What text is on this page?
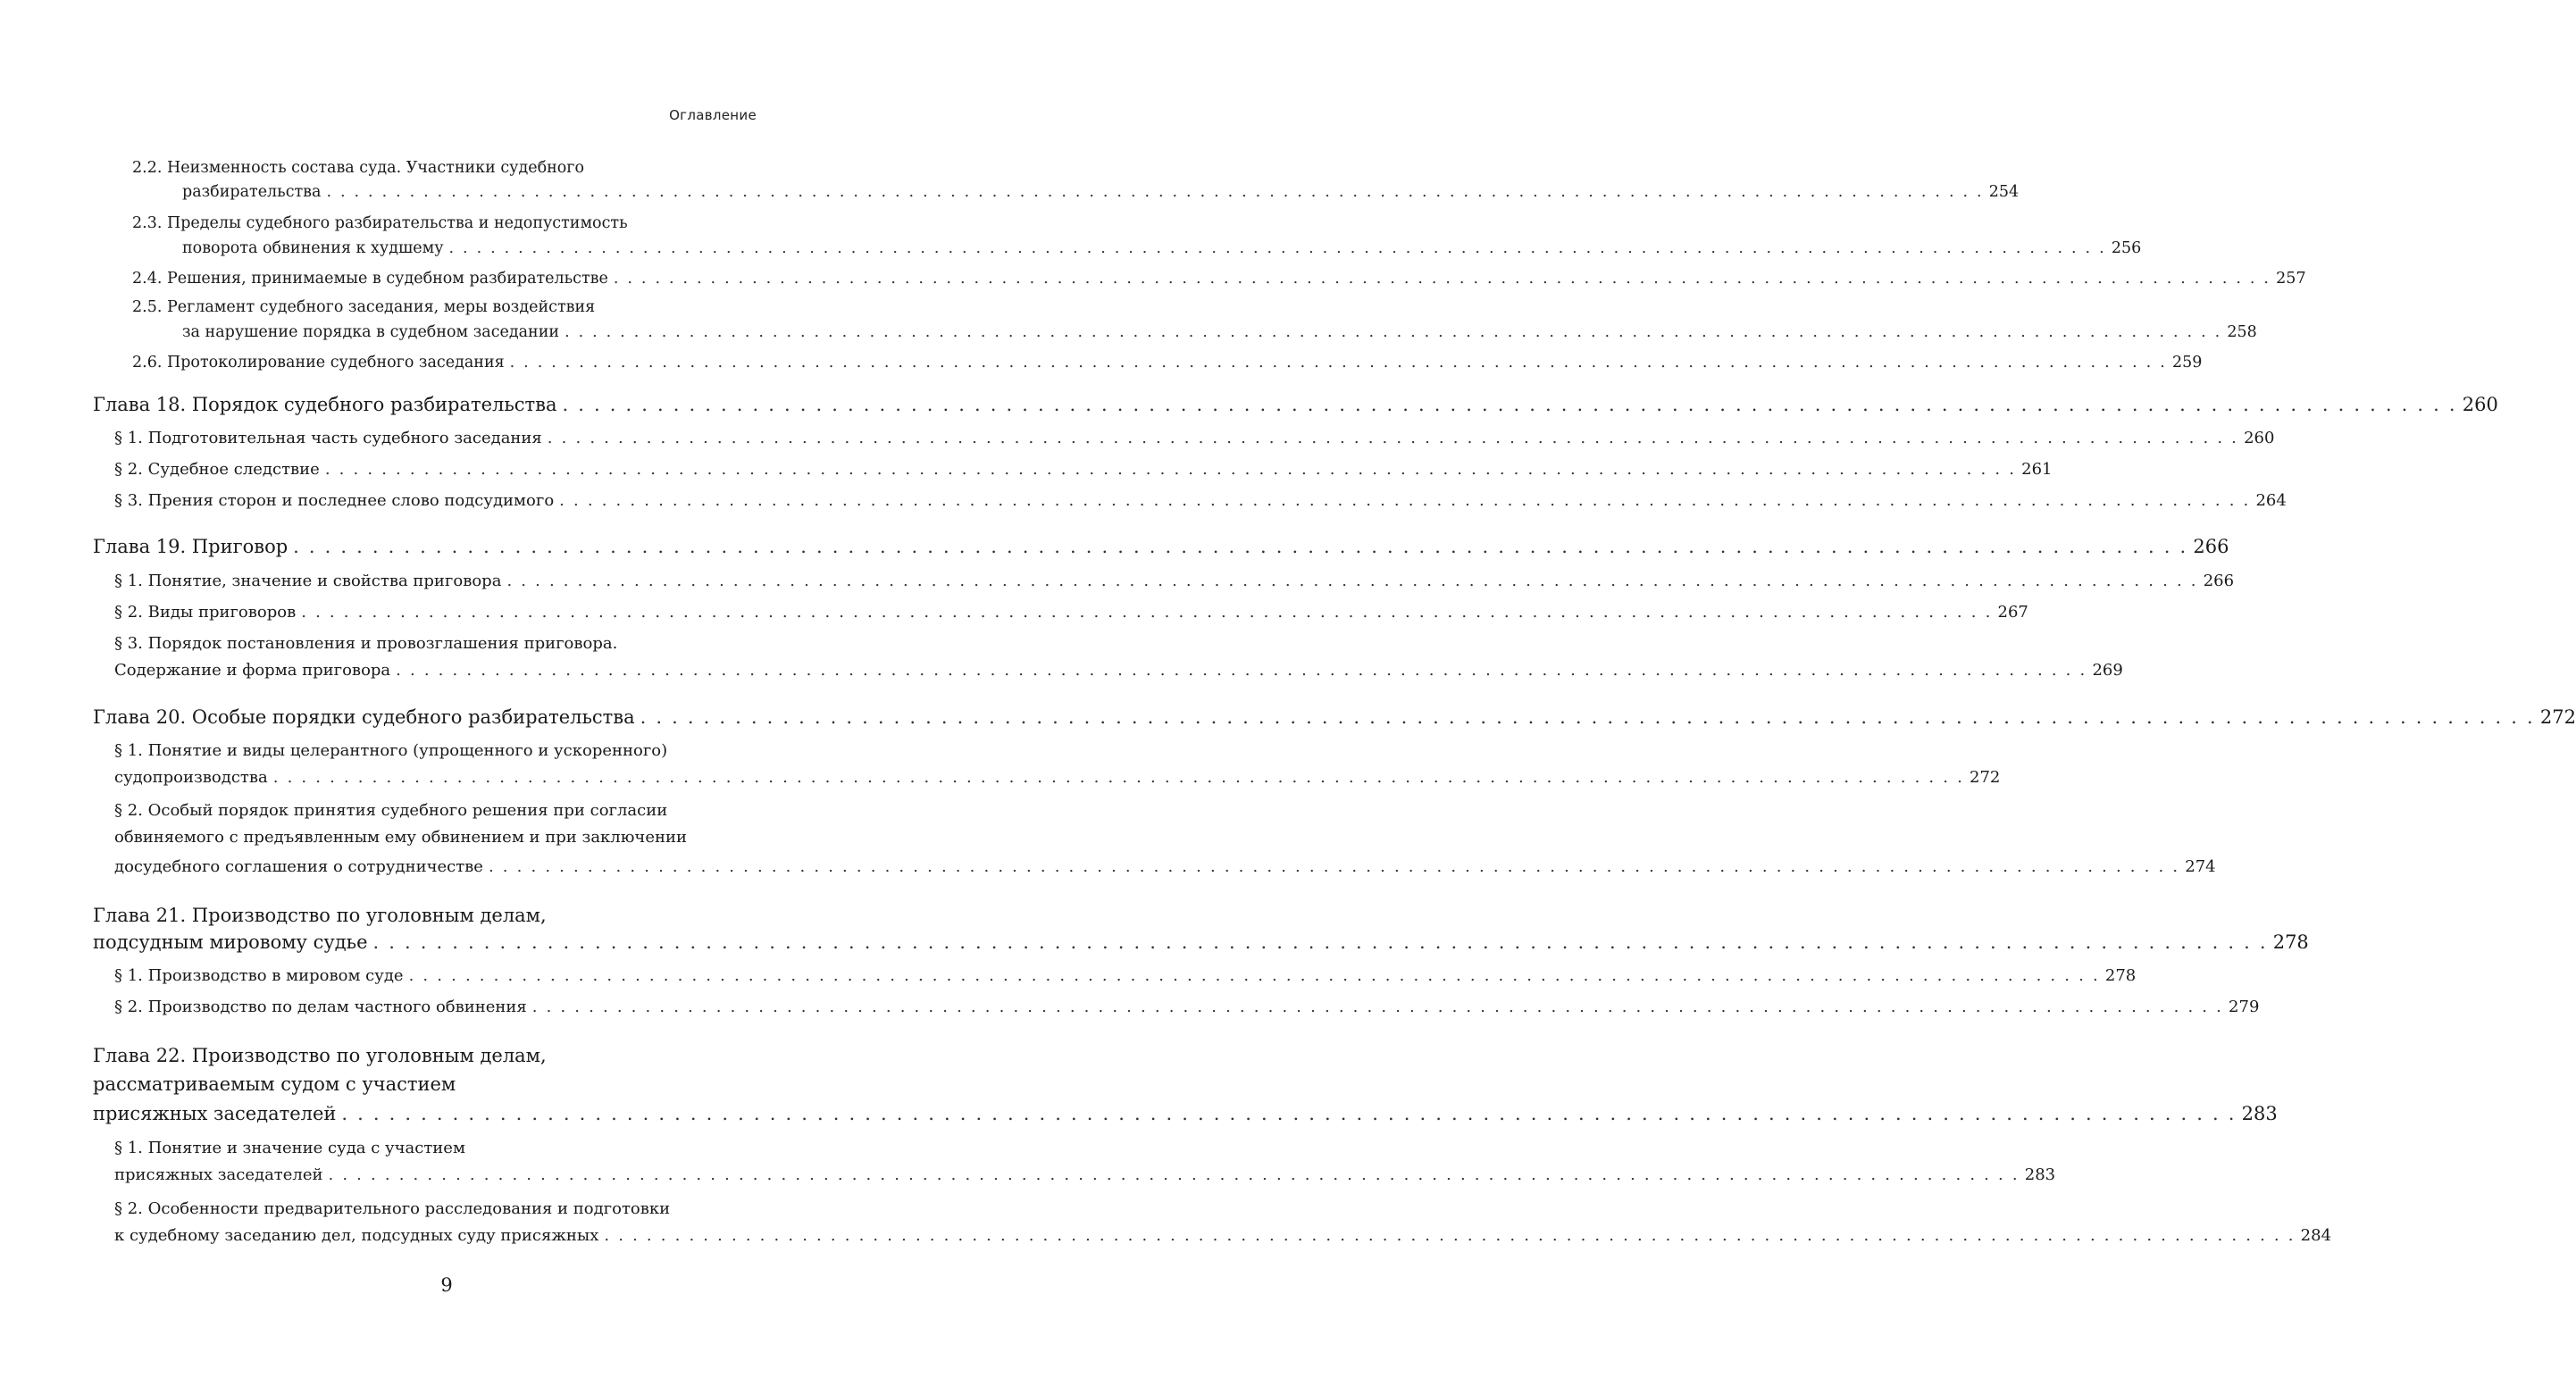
Оглавление
2.2. Неизменность состава суда. Участники судебного
разбирательства . . . . . . . . . . . . . . . . . . . . . . . . . . . . . . . . . . . . . . . . . . . . . . . . . . . . . . . . . . . . . . . . . . . . . . . . . . . . . . . . . . . . . . . . . . . . . . . . . . . . . . . . . . . . . . . . . . . . . . . . 254
2.3. Пределы судебного разбирательства и недопустимость
поворота обвинения к худшему . . . . . . . . . . . . . . . . . . . . . . . . . . . . . . . . . . . . . . . . . . . . . . . . . . . . . . . . . . . . . . . . . . . . . . . . . . . . . . . . . . . . . . . . . . . . . . . . . . . . . . . . . . . . . . . . . . . . . . . . 256
2.4. Решения, принимаемые в судебном разбирательстве . . . . . . . . . . . . . . . . . . . . . . . . . . . . . . . . . . . . . . . . . . . . . . . . . . . . . . . . . . . . . . . . . . . . . . . . . . . . . . . . . . . . . . . . . . . . . . . . . . . . . . . . . . . . . . . . . . . . . . . . 257
2.5. Регламент судебного заседания, меры воздействия
за нарушение порядка в судебном заседании . . . . . . . . . . . . . . . . . . . . . . . . . . . . . . . . . . . . . . . . . . . . . . . . . . . . . . . . . . . . . . . . . . . . . . . . . . . . . . . . . . . . . . . . . . . . . . . . . . . . . . . . . . . . . . . . . . . . . . . . 258
2.6. Протоколирование судебного заседания . . . . . . . . . . . . . . . . . . . . . . . . . . . . . . . . . . . . . . . . . . . . . . . . . . . . . . . . . . . . . . . . . . . . . . . . . . . . . . . . . . . . . . . . . . . . . . . . . . . . . . . . . . . . . . . . . . . . . . . . 259
Глава 18. Порядок судебного разбирательства . . . . . . . . . . . . . . . . . . . . . . . . . . . . . . . . . . . . . . . . . . . . . . . . . . . . . . . . . . . . . . . . . . . . . . . . . . . . . . . . . . . . . . . . . . . . . . . . . . . . . . . . . . . . . . . . . . . . . . . . 260
§ 1. Подготовительная часть судебного заседания . . . . . . . . . . . . . . . . . . . . . . . . . . . . . . . . . . . . . . . . . . . . . . . . . . . . . . . . . . . . . . . . . . . . . . . . . . . . . . . . . . . . . . . . . . . . . . . . . . . . . . . . . . . . . . . . . . . . . . . . 260
§ 2. Судебное следствие . . . . . . . . . . . . . . . . . . . . . . . . . . . . . . . . . . . . . . . . . . . . . . . . . . . . . . . . . . . . . . . . . . . . . . . . . . . . . . . . . . . . . . . . . . . . . . . . . . . . . . . . . . . . . . . . . . . . . . . . 261
§ 3. Прения сторон и последнее слово подсудимого . . . . . . . . . . . . . . . . . . . . . . . . . . . . . . . . . . . . . . . . . . . . . . . . . . . . . . . . . . . . . . . . . . . . . . . . . . . . . . . . . . . . . . . . . . . . . . . . . . . . . . . . . . . . . . . . . . . . . . . . 264
Глава 19. Приговор . . . . . . . . . . . . . . . . . . . . . . . . . . . . . . . . . . . . . . . . . . . . . . . . . . . . . . . . . . . . . . . . . . . . . . . . . . . . . . . . . . . . . . . . . . . . . . . . . . . . . . . . . . . . . . . . . . . . . . . . 266
§ 1. Понятие, значение и свойства приговора . . . . . . . . . . . . . . . . . . . . . . . . . . . . . . . . . . . . . . . . . . . . . . . . . . . . . . . . . . . . . . . . . . . . . . . . . . . . . . . . . . . . . . . . . . . . . . . . . . . . . . . . . . . . . . . . . . . . . . . . 266
§ 2. Виды приговоров . . . . . . . . . . . . . . . . . . . . . . . . . . . . . . . . . . . . . . . . . . . . . . . . . . . . . . . . . . . . . . . . . . . . . . . . . . . . . . . . . . . . . . . . . . . . . . . . . . . . . . . . . . . . . . . . . . . . . . . . 267
§ 3. Порядок постановления и провозглашения приговора.
Содержание и форма приговора . . . . . . . . . . . . . . . . . . . . . . . . . . . . . . . . . . . . . . . . . . . . . . . . . . . . . . . . . . . . . . . . . . . . . . . . . . . . . . . . . . . . . . . . . . . . . . . . . . . . . . . . . . . . . . . . . . . . . . . . 269
Глава 20. Особые порядки судебного разбирательства . . . . . . . . . . . . . . . . . . . . . . . . . . . . . . . . . . . . . . . . . . . . . . . . . . . . . . . . . . . . . . . . . . . . . . . . . . . . . . . . . . . . . . . . . . . . . . . . . . . . . . . . . . . . . . . . . . . . . . . . 272
§ 1. Понятие и виды целерантного (упрощенного и ускоренного)
судопроизводства . . . . . . . . . . . . . . . . . . . . . . . . . . . . . . . . . . . . . . . . . . . . . . . . . . . . . . . . . . . . . . . . . . . . . . . . . . . . . . . . . . . . . . . . . . . . . . . . . . . . . . . . . . . . . . . . . . . . . . . . 272
§ 2. Особый порядок принятия судебного решения при согласии
обвиняемого с предъявленным ему обвинением и при заключении
досудебного соглашения о сотрудничестве . . . . . . . . . . . . . . . . . . . . . . . . . . . . . . . . . . . . . . . . . . . . . . . . . . . . . . . . . . . . . . . . . . . . . . . . . . . . . . . . . . . . . . . . . . . . . . . . . . . . . . . . . . . . . . . . . . . . . . . . 274
Глава 21. Производство по уголовным делам,
подсудным мировому судье . . . . . . . . . . . . . . . . . . . . . . . . . . . . . . . . . . . . . . . . . . . . . . . . . . . . . . . . . . . . . . . . . . . . . . . . . . . . . . . . . . . . . . . . . . . . . . . . . . . . . . . . . . . . . . . . . . . . . . . . 278
§ 1. Производство в мировом суде . . . . . . . . . . . . . . . . . . . . . . . . . . . . . . . . . . . . . . . . . . . . . . . . . . . . . . . . . . . . . . . . . . . . . . . . . . . . . . . . . . . . . . . . . . . . . . . . . . . . . . . . . . . . . . . . . . . . . . . . 278
§ 2. Производство по делам частного обвинения . . . . . . . . . . . . . . . . . . . . . . . . . . . . . . . . . . . . . . . . . . . . . . . . . . . . . . . . . . . . . . . . . . . . . . . . . . . . . . . . . . . . . . . . . . . . . . . . . . . . . . . . . . . . . . . . . . . . . . . . 279
Глава 22. Производство по уголовным делам,
рассматриваемым судом с участием
присяжных заседателей . . . . . . . . . . . . . . . . . . . . . . . . . . . . . . . . . . . . . . . . . . . . . . . . . . . . . . . . . . . . . . . . . . . . . . . . . . . . . . . . . . . . . . . . . . . . . . . . . . . . . . . . . . . . . . . . . . . . . . . . 283
§ 1. Понятие и значение суда с участием
присяжных заседателей . . . . . . . . . . . . . . . . . . . . . . . . . . . . . . . . . . . . . . . . . . . . . . . . . . . . . . . . . . . . . . . . . . . . . . . . . . . . . . . . . . . . . . . . . . . . . . . . . . . . . . . . . . . . . . . . . . . . . . . . 283
§ 2. Особенности предварительного расследования и подготовки
к судебному заседанию дел, подсудных суду присяжных . . . . . . . . . . . . . . . . . . . . . . . . . . . . . . . . . . . . . . . . . . . . . . . . . . . . . . . . . . . . . . . . . . . . . . . . . . . . . . . . . . . . . . . . . . . . . . . . . . . . . . . . . . . . . . . . . . . . . . . . 284
9
